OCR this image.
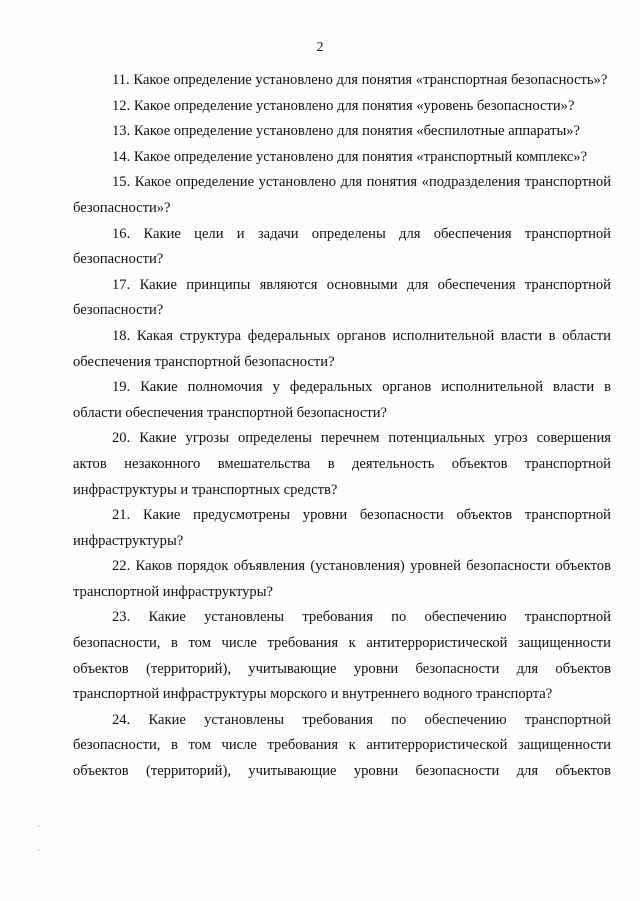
2

11. Какое определение установлено для понятия «транспортная безопасность»?

12. Какое определение установлено для понятия «уровень безопасности»?

13. Какое определение установлено для понятия «беспилотные аппараты»?

14. Какое определение установлено для понятия «транспортный комплекс»?

15. Какое определение установлено для понятия «подразделения транспортной безопасности»?

16. Какие цели и задачи определены для обеспечения транспортной безопасности?

17. Какие принципы являются основными для обеспечения транспортной безопасности?

18. Какая структура федеральных органов исполнительной власти в области обеспечения транспортной безопасности?

19. Какие полномочия у федеральных органов исполнительной власти в области обеспечения транспортной безопасности?

20. Какие угрозы определены перечнем потенциальных угроз совершения актов незаконного вмешательства в деятельность объектов транспортной инфраструктуры и транспортных средств?

21. Какие предусмотрены уровни безопасности объектов транспортной инфраструктуры?

22. Каков порядок объявления (установления) уровней безопасности объектов транспортной инфраструктуры?

23. Какие установлены требования по обеспечению транспортной безопасности, в том числе требования к антитеррористической защищенности объектов (территорий), учитывающие уровни безопасности для объектов транспортной инфраструктуры морского и внутреннего водного транспорта?

24. Какие установлены требования по обеспечению транспортной безопасности, в том числе требования к антитеррористической защищенности объектов (территорий), учитывающие уровни безопасности для объектов

·
·
